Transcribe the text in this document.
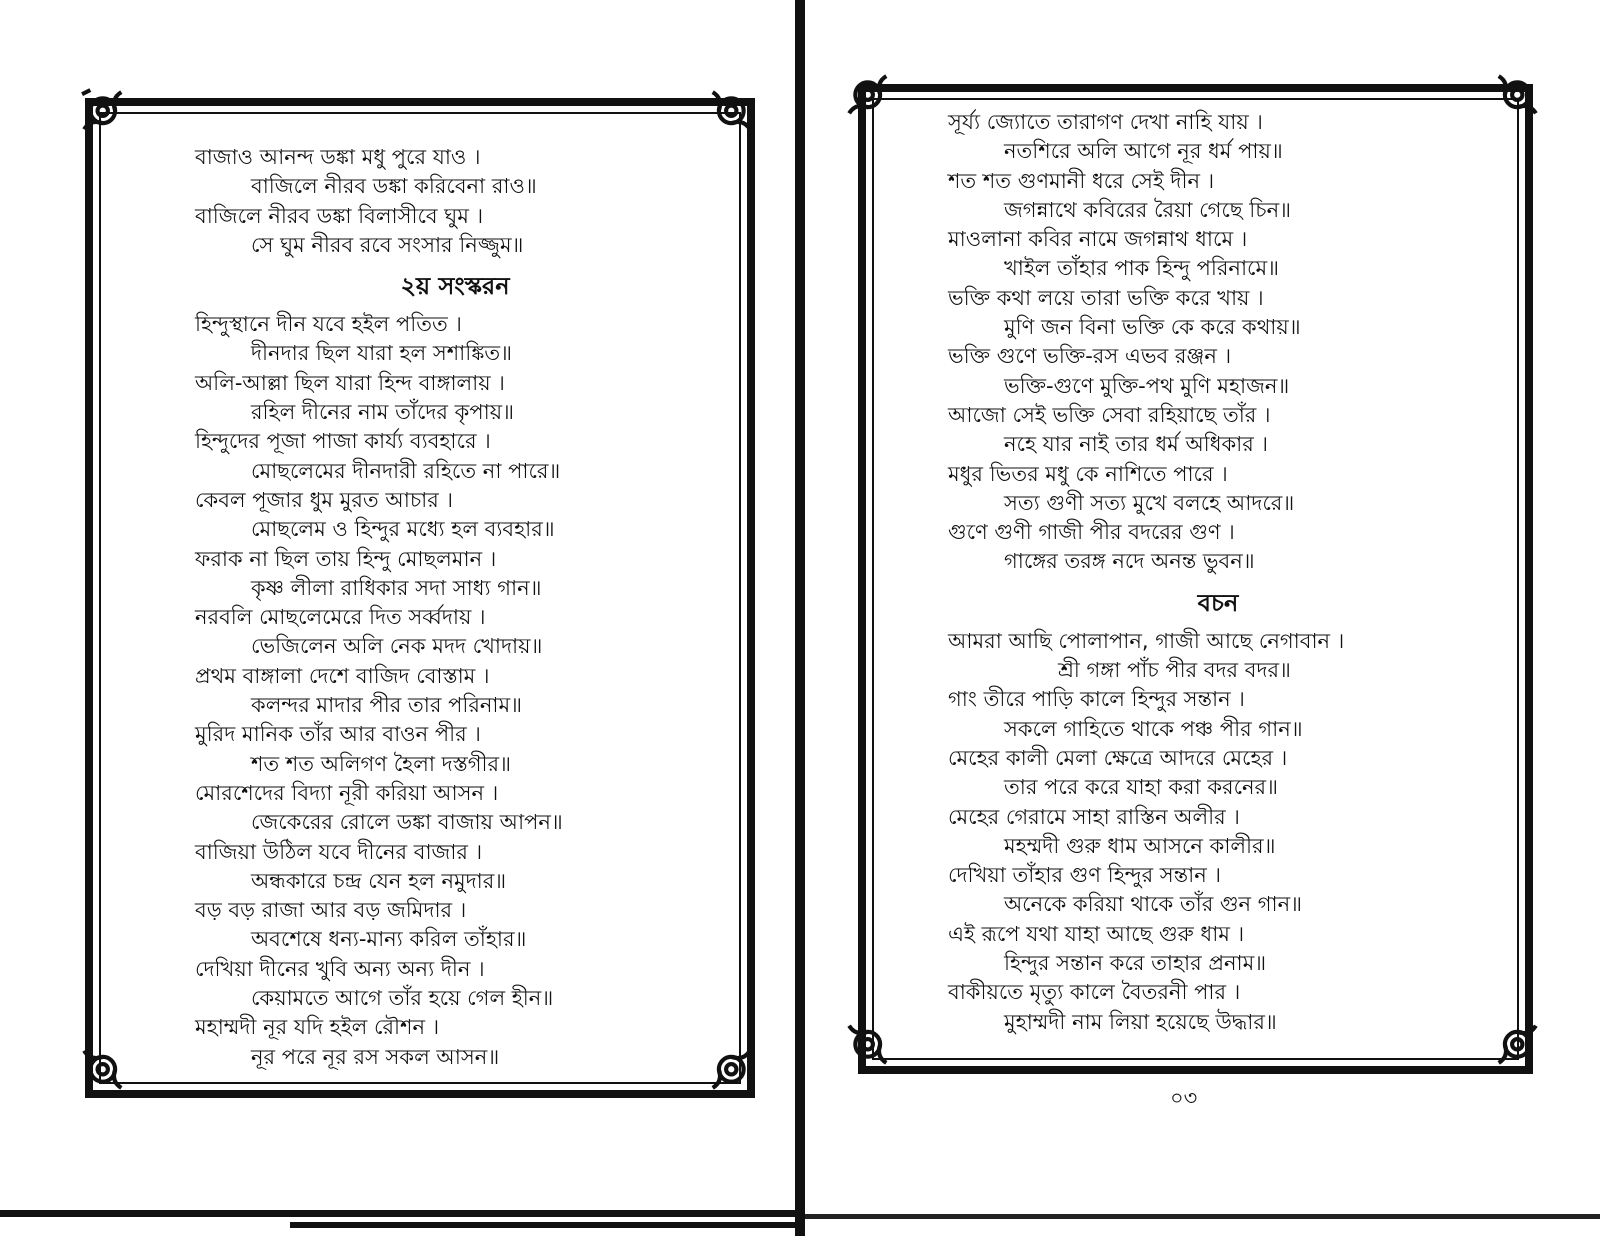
বাজাও আনন্দ ডঙ্কা মধু পুরে যাও ।
বাজিলে নীরব ডঙ্কা করিবেনা রাও॥
বাজিলে নীরব ডঙ্কা বিলাসীবে ঘুম ।
সে ঘুম নীরব রবে সংসার নিজ্জুম॥
২য় সংস্করন
হিন্দুস্থানে দীন যবে হইল পতিত ।
দীনদার ছিল যারা হল সশাঙ্কিত॥
অলি-আল্লা ছিল যারা হিন্দ বাঙ্গালায় ।
রহিল দীনের নাম তাঁদের কৃপায়॥
হিন্দুদের পূজা পাজা কার্য্য ব্যবহারে ।
মোছলেমের দীনদারী রহিতে না পারে॥
কেবল পূজার ধুম মুরত আচার ।
মোছলেম ও হিন্দুর মধ্যে হল ব্যবহার॥
ফরাক না ছিল তায় হিন্দু মোছলমান ।
কৃষ্ণ লীলা রাধিকার সদা সাধ্য গান॥
নরবলি মোছলেমেরে দিত সর্ব্বদায় ।
ভেজিলেন অলি নেক মদদ খোদায়॥
প্রথম বাঙ্গালা দেশে বাজিদ বোস্তাম ।
কলন্দর মাদার পীর তার পরিনাম॥
মুরিদ মানিক তাঁর আর বাওন পীর ।
শত শত অলিগণ হৈলা দস্তগীর॥
মোরশেদের বিদ্যা নূরী করিয়া আসন ।
জেকেরের রোলে ডঙ্কা বাজায় আপন॥
বাজিয়া উঠিল যবে দীনের বাজার ।
অন্ধকারে চন্দ্র যেন হল নমুদার॥
বড় বড় রাজা আর বড় জমিদার ।
অবশেষে ধন্য-মান্য করিল তাঁহার॥
দেখিয়া দীনের খুবি অন্য অন্য দীন ।
কেয়ামতে আগে তাঁর হয়ে গেল হীন॥
মহাম্মদী নূর যদি হইল রৌশন ।
নূর পরে নূর রস সকল আসন॥
সূর্য্য জ্যোতে তারাগণ দেখা নাহি যায় ।
নতশিরে অলি আগে নূর ধর্ম পায়॥
শত শত গুণমানী ধরে সেই দীন ।
জগন্নাথে কবিরের রৈয়া গেছে চিন॥
মাওলানা কবির নামে জগন্নাথ ধামে ।
খাইল তাঁহার পাক হিন্দু পরিনামে॥
ভক্তি কথা লয়ে তারা ভক্তি করে খায় ।
মুণি জন বিনা ভক্তি কে করে কথায়॥
ভক্তি গুণে ভক্তি-রস এভব রঞ্জন ।
ভক্তি-গুণে মুক্তি-পথ মুণি মহাজন॥
আজো সেই ভক্তি সেবা রহিয়াছে তাঁর ।
নহে যার নাই তার ধর্ম অধিকার ।
মধুর ভিতর মধু কে নাশিতে পারে ।
সত্য গুণী সত্য মুখে বলহে আদরে॥
গুণে গুণী গাজী পীর বদরের গুণ ।
গাঙ্গের তরঙ্গ নদে অনন্ত ভুবন॥
বচন
আমরা আছি পোলাপান, গাজী আছে নেগাবান ।
শ্রী গঙ্গা পাঁচ পীর বদর বদর॥
গাং তীরে পাড়ি কালে হিন্দুর সন্তান ।
সকলে গাহিতে থাকে পঞ্চ পীর গান॥
মেহের কালী মেলা ক্ষেত্রে আদরে মেহের ।
তার পরে করে যাহা করা করনের॥
মেহের গেরামে সাহা রাস্তিন অলীর ।
মহম্মদী গুরু ধাম আসনে কালীর॥
দেখিয়া তাঁহার গুণ হিন্দুর সন্তান ।
অনেকে করিয়া থাকে তাঁর গুন গান॥
এই রূপে যথা যাহা আছে গুরু ধাম ।
হিন্দুর সন্তান করে তাহার প্রনাম॥
বাকীয়তে মৃত্যু কালে বৈতরনী পার ।
মুহাম্মদী নাম লিয়া হয়েছে উদ্ধার॥
০৩
